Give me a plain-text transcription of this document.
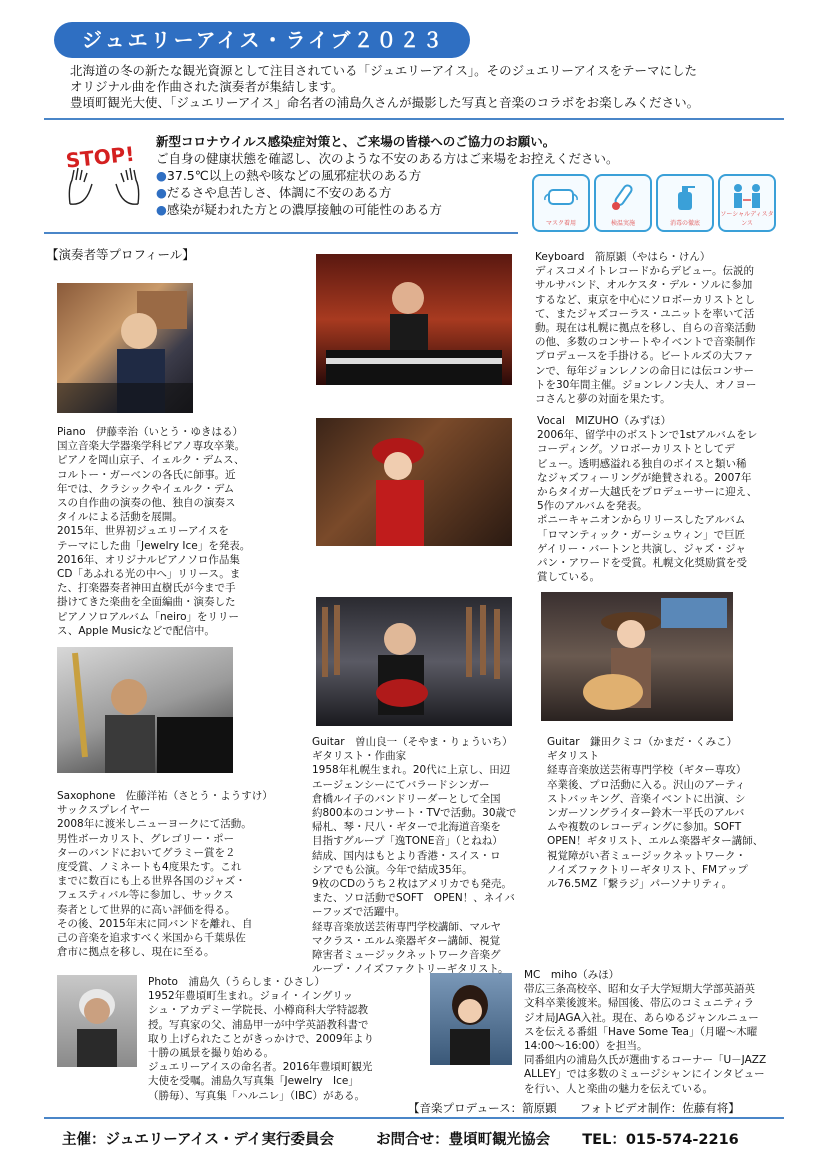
ジュエリーアイス・ライブ２０２３
北海道の冬の新たな観光資源として注目されている「ジュエリーアイス」。そのジュエリーアイスをテーマにした
オリジナル曲を作曲された演奏者が集結します。
豊頃町観光大使、「ジュエリーアイス」命名者の浦島久さんが撮影した写真と音楽のコラボをお楽しみください。
STOP!
新型コロナウイルス感染症対策と、ご来場の皆様へのご協力のお願い。
ご自身の健康状態を確認し、次のような不安のある方はご来場をお控えください。
●37.5℃以上の熱や咳などの風邪症状のある方
●だるさや息苦しさ、体調に不安のある方
●感染が疑われた方との濃厚接触の可能性のある方
マスク着用	検温実施	消毒の徹底
ソーシャルディスタンス
【演奏者等プロフィール】
Piano　伊藤幸治（いとう・ゆきはる）
国立音楽大学器楽学科ピアノ専攻卒業。
ピアノを岡山京子、イェルク・デムス、
コルトー・ガーベンの各氏に師事。近
年では、クラシックやイェルク・デム
スの自作曲の演奏の他、独自の演奏ス
タイルによる活動を展開。
2015年、世界初ジュエリーアイスを
テーマにした曲「Jewelry Ice」を発表。
2016年、オリジナルピアノソロ作品集
CD「あふれる光の中へ」リリース。ま
た、打楽器奏者神田直樹氏が今まで手
掛けてきた楽曲を全面編曲・演奏した
ピアノソロアルバム「neiro」をリリー
ス、Apple Musicなどで配信中。
Keyboard　箭原顕（やはら・けん）
ディスコメイトレコードからデビュー。伝説的
サルサバンド、オルケスタ・デル・ソルに参加
するなど、東京を中心にソロボーカリストとし
て、またジャズコーラス・ユニットを率いて活
動。現在は札幌に拠点を移し、自らの音楽活動
の他、多数のコンサートやイベントで音楽制作
プロデュースを手掛ける。ビートルズの大ファ
ンで、毎年ジョンレノンの命日には伝コンサー
トを30年間主催。ジョンレノン夫人、オノヨー
コさんと夢の対面を果たす。
Vocal　MIZUHO（みずほ）
2006年、留学中のボストンで1stアルバムをレ
コーディング。ソロボーカリストとしてデ
ビュー。透明感溢れる独自のボイスと類い稀
なジャズフィーリングが絶賛される。2007年
からタイガー大越氏をプロデューサーに迎え、
5作のアルバムを発表。
ポニーキャニオンからリリースしたアルバム
「ロマンティック・ガーシュウィン」で巨匠
ゲイリー・バートンと共演し、ジャズ・ジャ
パン・アワードを受賞。札幌文化奨励賞を受
賞している。
Saxophone　佐藤洋祐（さとう・ようすけ）
サックスプレイヤー
2008年に渡米しニューヨークにて活動。
男性ボーカリスト、グレゴリー・ポー
ターのバンドにおいてグラミー賞を２
度受賞、ノミネートも4度果たす。これ
までに数百にも上る世界各国のジャズ・
フェスティバル等に参加し、サックス
奏者として世界的に高い評価を得る。
その後、2015年末に同バンドを離れ、自
己の音楽を追求すべく米国から千葉県佐
倉市に拠点を移し、現在に至る。
Guitar　曽山良一（そやま・りょういち）
ギタリスト・作曲家
1958年札幌生まれ。20代に上京し、田辺
エージェンシーにてバラードシンガー
倉橋ルイ子のバンドリーダーとして全国
約800本のコンサート・TVで活動。30歳で
帰札、琴・尺八・ギターで北海道音楽を
目指すグループ「逸TONE音」（とねね）
結成、国内はもとより香港・スイス・ロ
シアでも公演。今年で結成35年。
9枚のCDのうち２枚はアメリカでも発売。
また、ソロ活動でSOFT　OPEN！、ネイバ
ーフッズで活躍中。
経専音楽放送芸術専門学校講師、マルヤ
マクラス・エルム楽器ギター講師、視覚
障害者ミュージックネットワーク音楽グ
ループ・ノイズファクトリーギタリスト。
Guitar　鎌田クミコ（かまだ・くみこ）
ギタリスト
経専音楽放送芸術専門学校（ギター専攻）
卒業後、プロ活動に入る。沢山のアーティ
ストバッキング、音楽イベントに出演、シ
ンガーソングライター鈴木一平氏のアルバ
ムや複数のレコーディングに参加。SOFT
OPEN！ギタリスト、エルム楽器ギター講師、
視覚障がい者ミュージックネットワーク・
ノイズファクトリーギタリスト、FMアップ
ル76.5MZ「繋ラジ」パーソナリティ。
Photo　浦島久（うらしま・ひさし）
1952年豊頃町生まれ。ジョイ・イングリッ
シュ・アカデミー学院長、小樽商科大学特認教
授。写真家の父、浦島甲一が中学英語教科書で
取り上げられたことがきっかけで、2009年より
十勝の風景を撮り始める。
ジュエリーアイスの命名者。2016年豊頃町観光
大使を受嘱。浦島久写真集「Jewelry　Ice」
（勝毎）、写真集「ハルニレ」（IBC）がある。
MC　miho（みほ）
帯広三条高校卒、昭和女子大学短期大学部英語英
文科卒業後渡米。帰国後、帯広のコミュニティラ
ジオ局JAGA入社。現在、あらゆるジャンルニュー
スを伝える番組「Have Some Tea」（月曜～木曜
14:00～16:00）を担当。
同番組内の浦島久氏が選曲するコーナー「U－JAZZ
ALLEY」では多数のミュージシャンにインタビュー
を行い、人と楽曲の魅力を伝えている。
【音楽プロデュース：箭原顕　　フォトビデオ制作：佐藤有将】
主催：ジュエリーアイス・デイ実行委員会	お問合せ：豊頃町観光協会 TEL：015-574-2216
